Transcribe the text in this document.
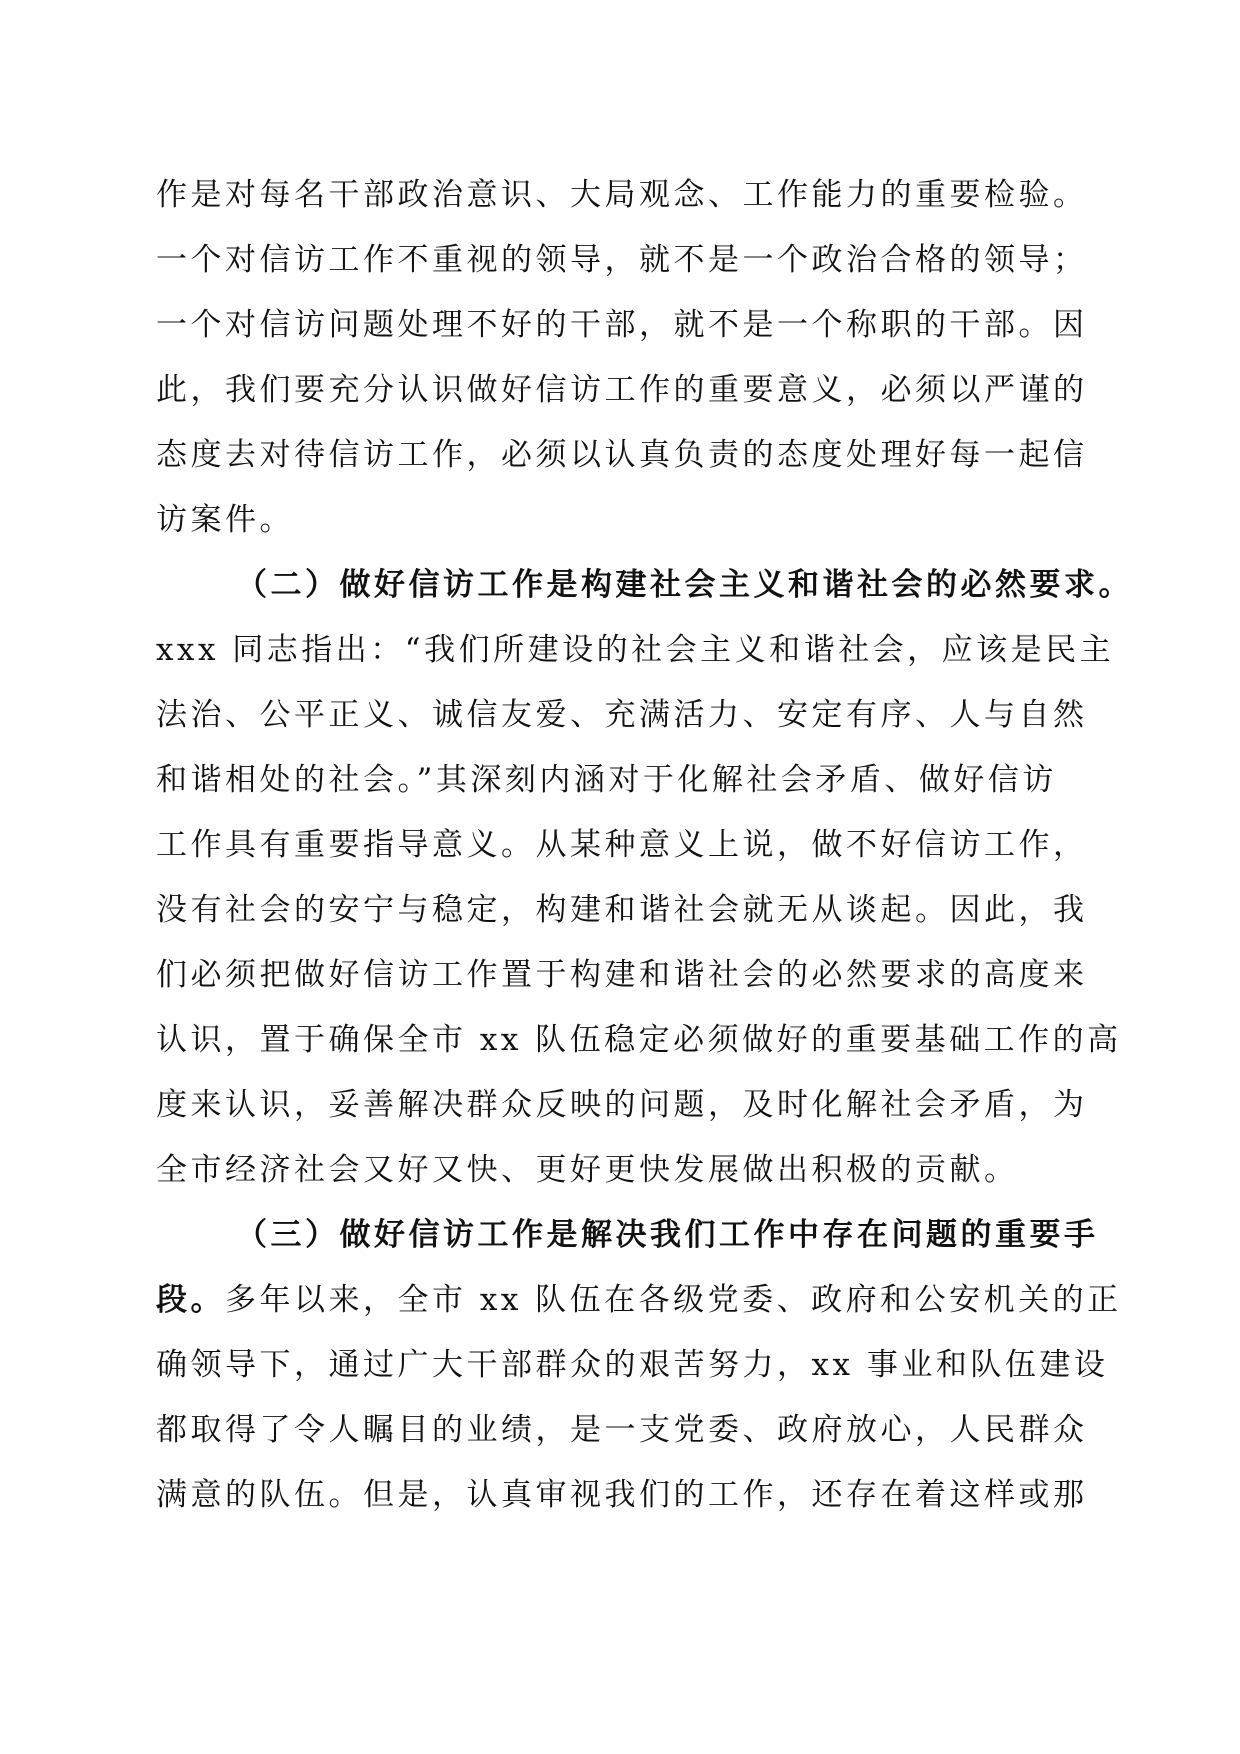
作是对每名干部政治意识、大局观念、工作能力的重要检验。
一个对信访工作不重视的领导，就不是一个政治合格的领导；
一个对信访问题处理不好的干部，就不是一个称职的干部。因
此，我们要充分认识做好信访工作的重要意义，必须以严谨的
态度去对待信访工作，必须以认真负责的态度处理好每一起信
访案件。
（二）做好信访工作是构建社会主义和谐社会的必然要求。
xxx 同志指出：“我们所建设的社会主义和谐社会，应该是民主
法治、公平正义、诚信友爱、充满活力、安定有序、人与自然
和谐相处的社会。”其深刻内涵对于化解社会矛盾、做好信访
工作具有重要指导意义。从某种意义上说，做不好信访工作，
没有社会的安宁与稳定，构建和谐社会就无从谈起。因此，我
们必须把做好信访工作置于构建和谐社会的必然要求的高度来
认识，置于确保全市 xx 队伍稳定必须做好的重要基础工作的高
度来认识，妥善解决群众反映的问题，及时化解社会矛盾，为
全市经济社会又好又快、更好更快发展做出积极的贡献。
（三）做好信访工作是解决我们工作中存在问题的重要手
段。多年以来，全市 xx 队伍在各级党委、政府和公安机关的正
确领导下，通过广大干部群众的艰苦努力，xx 事业和队伍建设
都取得了令人瞩目的业绩，是一支党委、政府放心，人民群众
满意的队伍。但是，认真审视我们的工作，还存在着这样或那
